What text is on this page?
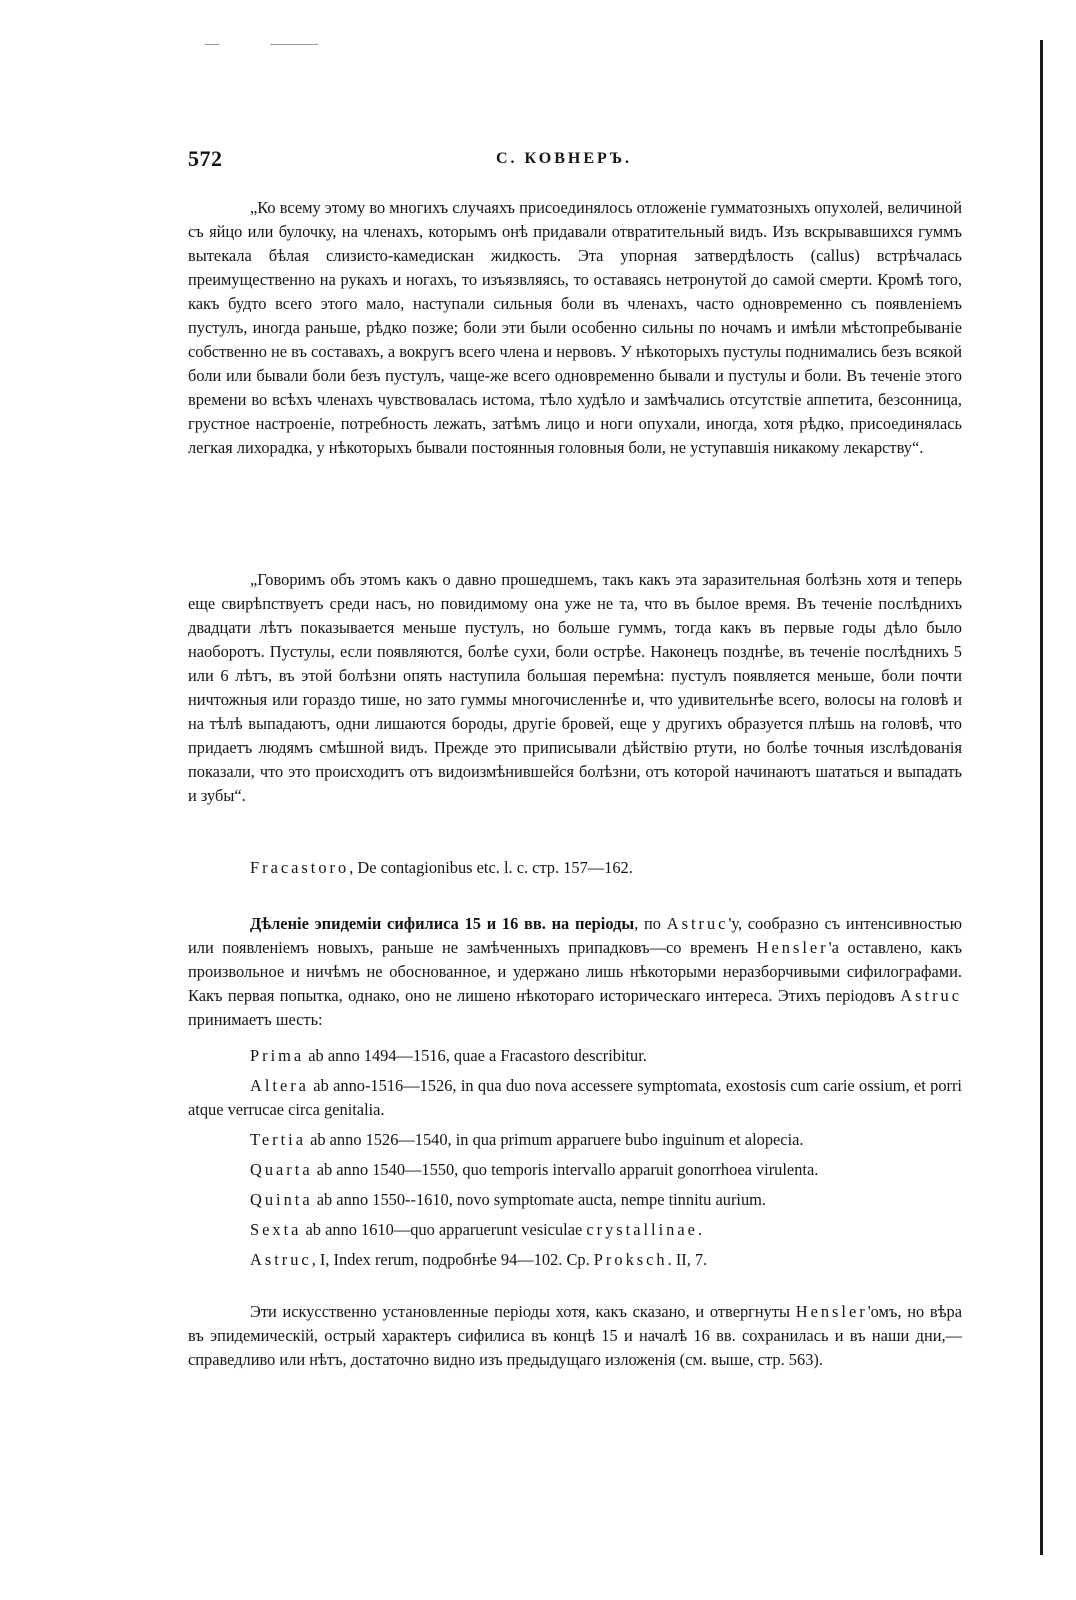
572	С. КОВНЕРЪ.

„Ко всему этому во многихъ случаяхъ присоединялось отложеніе гумматозныхъ опухолей, величиной съ яйцо или булочку, на членахъ, которымъ онѣ придавали отвратительный видъ. Изъ вскрывавшихся гуммъ вытекала бѣлая слизисто-камедискан жидкость. Эта упорная затвердѣлость (callus) встрѣчалась преимущественно на рукахъ и ногахъ, то изъязвляясь, то оставаясь нетронутой до самой смерти. Кромѣ того, какъ будто всего этого мало, наступали сильныя боли въ членахъ, часто одновременно съ появленіемъ пустулъ, иногда раньше, рѣдко позже; боли эти были особенно сильны по ночамъ и имѣли мѣстопребываніе собственно не въ составахъ, а вокругъ всего члена и нервовъ. У нѣкоторыхъ пустулы поднимались безъ всякой боли или бывали боли безъ пустулъ, чаще-же всего одновременно бывали и пустулы и боли. Въ теченіе этого времени во всѣхъ членахъ чувствовалась истома, тѣло худѣло и замѣчались отсутствіе аппетита, безсонница, грустное настроеніе, потребность лежать, затѣмъ лицо и ноги опухали, иногда, хотя рѣдко, присоединялась легкая лихорадка, у нѣкоторыхъ бывали постоянныя головныя боли, не уступавшія никакому лекарству“.

„Говоримъ объ этомъ какъ о давно прошедшемъ, такъ какъ эта заразительная болѣзнь хотя и теперь еще свирѣпствуетъ среди насъ, но повидимому она уже не та, что въ былое время. Въ теченіе послѣднихъ двадцати лѣтъ показывается меньше пустулъ, но больше гуммъ, тогда какъ въ первые годы дѣло было наоборотъ. Пустулы, если появляются, болѣе сухи, боли острѣе. Наконецъ позднѣе, въ теченіе послѣднихъ 5 или 6 лѣтъ, въ этой болѣзни опять наступила большая перемѣна: пустулъ появляется меньше, боли почти ничтожныя или гораздо тише, но зато гуммы многочисленнѣе и, что удивительнѣе всего, волосы на головѣ и на тѣлѣ выпадаютъ, одни лишаются бороды, другіе бровей, еще у другихъ образуется плѣшь на головѣ, что придаетъ людямъ смѣшной видъ. Прежде это приписывали дѣйствію ртути, но болѣе точныя изслѣдованія показали, что это происходитъ отъ видоизмѣнившейся болѣзни, отъ которой начинаютъ шататься и выпадать и зубы“.

Fracastoro, De contagionibus etc. l. c. стр. 157—162.

Дѣленіе эпидеміи сифилиса 15 и 16 вв. на періоды, по Astruc'у, сообразно съ интенсивностью или появленіемъ новыхъ, раньше не замѣченныхъ припадковъ—со временъ Hensler'а оставлено, какъ произвольное и ничѣмъ не обоснованное, и удержано лишь нѣкоторыми неразборчивыми сифилографами. Какъ первая попытка, однако, оно не лишено нѣкотораго историческаго интереса. Этихъ періодовъ Astruc принимаетъ шесть:

Prima ab anno 1494—1516, quae a Fracastoro describitur.

Altera ab anno-1516—1526, in qua duo nova accessere symptomata, exostosis cum carie ossium, et porri atque verrucae circa genitalia.

Tertia ab anno 1526—1540, in qua primum apparuere bubo inguinum et alopecia.

Quarta ab anno 1540—1550, quo temporis intervallo apparuit gonorrhoea virulenta.

Quinta ab anno 1550--1610, novo symptomate aucta, nempe tinnitu aurium.

Sexta ab anno 1610—quo apparuerunt vesiculae crystallinae.

Astruc, I, Index rerum, подробнѣе 94—102. Ср. Proksch. II, 7.

Эти искусственно установленные періоды хотя, какъ сказано, и отвергнуты Hensler'омъ, но вѣра въ эпидемическій, острый характеръ сифилиса въ концѣ 15 и началѣ 16 вв. сохранилась и въ наши дни,—справедливо или нѣтъ, достаточно видно изъ предыдущаго изложенія (см. выше, стр. 563).
